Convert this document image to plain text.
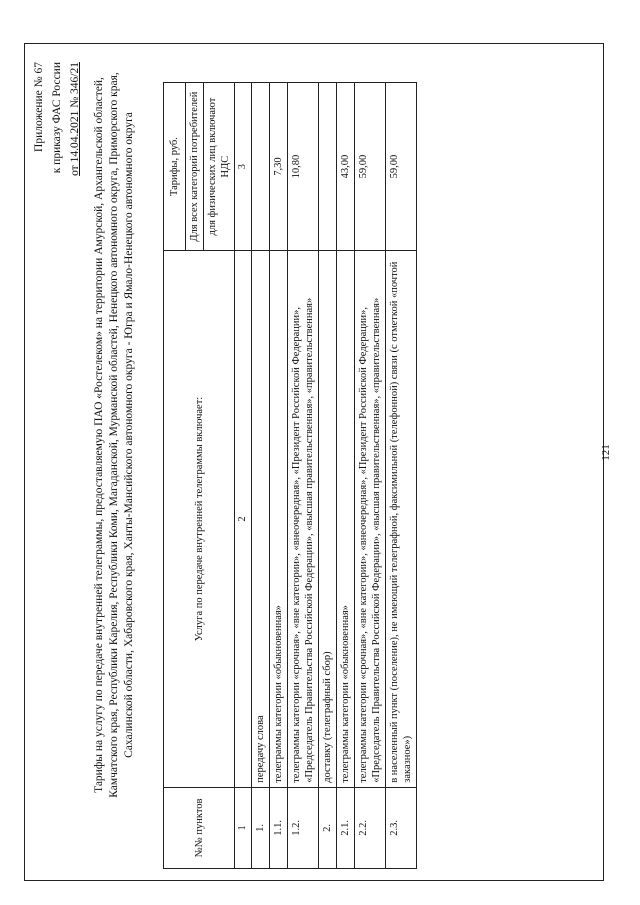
121
Приложение № 67 к приказу ФАС России от 14.04.2021 № 346/21 Тарифы на услугу по передаче внутренней телеграммы, предоставляемую ПАО «Ростелеком» на территории Амурской, Архангельской областей, Камчатского края, Республики Карелия, Республики Коми, Магаданской, Мурманской областей, Ненецкого автономного округа, Приморского края, Сахалинской области, Хабаровского края, Ханты-Мансийского автономного округа - Югра и Ямало-Ненецкого автономного округа
№№ пунктов	Услуга по передаче внутренней телеграммы включает:	Тарифы, руб.
		Для всех категорий потребителей
		для физических лиц включают НДС
1	2	3
1.	передачу слова	
1.1.	телеграммы категории «обыкновенная»	7,30
1.2.	телеграммы категории «срочная», «вне категории», «внеочередная», «Президент Российской Федерации», «Председатель Правительства Российской Федерации», «высшая правительственная», «правительственная»	10,80
2.	доставку (телеграфный сбор)	
2.1.	телеграммы категории «обыкновенная»	43,00
2.2.	телеграммы категории «срочная», «вне категории», «внеочередная», «Президент Российской Федерации», «Председатель Правительства Российской Федерации», «высшая правительственная», «правительственная»	59,00
2.3.	в населенный пункт (поселение), не имеющий телеграфной, факсимильной (телефонной) связи (с отметкой «почтой заказное»)	59,00
